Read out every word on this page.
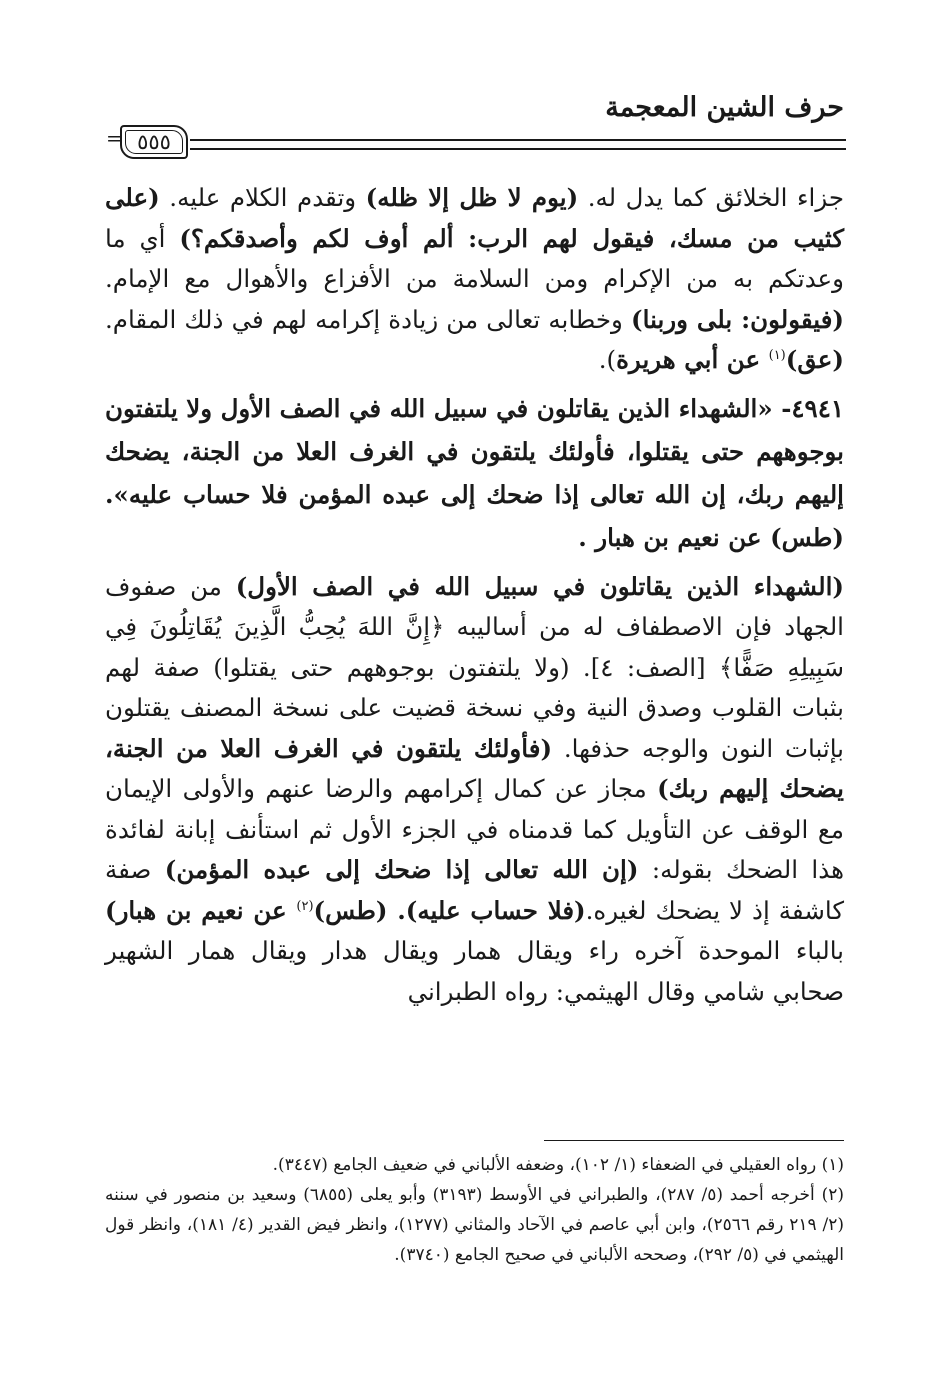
حرف الشين المعجمة
= ٥٥٥

جزاء الخلائق كما يدل له. (يوم لا ظل إلا ظله) وتقدم الكلام عليه. (على كثيب من مسك، فيقول لهم الرب: ألم أوف لكم وأصدقكم؟) أي ما وعدتكم به من الإكرام ومن السلامة من الأفزاع والأهوال مع الإمام. (فيقولون: بلى وربنا) وخطابه تعالى من زيادة إكرامه لهم في ذلك المقام. (عق)$^{(١)}$ عن أبي هريرة).

٤٩٤١- «الشهداء الذين يقاتلون في سبيل الله في الصف الأول ولا يلتفتون بوجوههم حتى يقتلوا، فأولئك يلتقون في الغرف العلا من الجنة، يضحك إليهم ربك، إن الله تعالى إذا ضحك إلى عبده المؤمن فلا حساب عليه». (طس) عن نعيم بن هبار .

(الشهداء الذين يقاتلون في سبيل الله في الصف الأول) من صفوف الجهاد فإن الاصطفاف له من أساليبه ﴿إِنَّ اللهَ يُحِبُّ الَّذِينَ يُقَاتِلُونَ فِي سَبِيلِهِ صَفًّا﴾ [الصف: ٤]. (ولا يلتفتون بوجوههم حتى يقتلوا) صفة لهم بثبات القلوب وصدق النية وفي نسخة قضيت على نسخة المصنف يقتلون بإثبات النون والوجه حذفها. (فأولئك يلتقون في الغرف العلا من الجنة، يضحك إليهم ربك) مجاز عن كمال إكرامهم والرضا عنهم والأولى الإيمان مع الوقف عن التأويل كما قدمناه في الجزء الأول ثم استأنف إبانة لفائدة هذا الضحك بقوله: (إن الله تعالى إذا ضحك إلى عبده المؤمن) صفة كاشفة إذ لا يضحك لغيره.(فلا حساب عليه). (طس)$^{(٢)}$ عن نعيم بن هبار) بالباء الموحدة آخره راء ويقال همار ويقال هدار ويقال همار الشهير صحابي شامي وقال الهيثمي: رواه الطبراني

(١) رواه العقيلي في الضعفاء (١/ ١٠٢)، وضعفه الألباني في ضعيف الجامع (٣٤٤٧).

(٢) أخرجه أحمد (٥/ ٢٨٧)، والطبراني في الأوسط (٣١٩٣) وأبو يعلى (٦٨٥٥) وسعيد بن منصور في سننه (٢/ ٢١٩ رقم ٢٥٦٦)، وابن أبي عاصم في الآحاد والمثاني (١٢٧٧)، وانظر فيض القدير (٤/ ١٨١)، وانظر قول الهيثمي في (٥/ ٢٩٢)، وصححه الألباني في صحيح الجامع (٣٧٤٠).
